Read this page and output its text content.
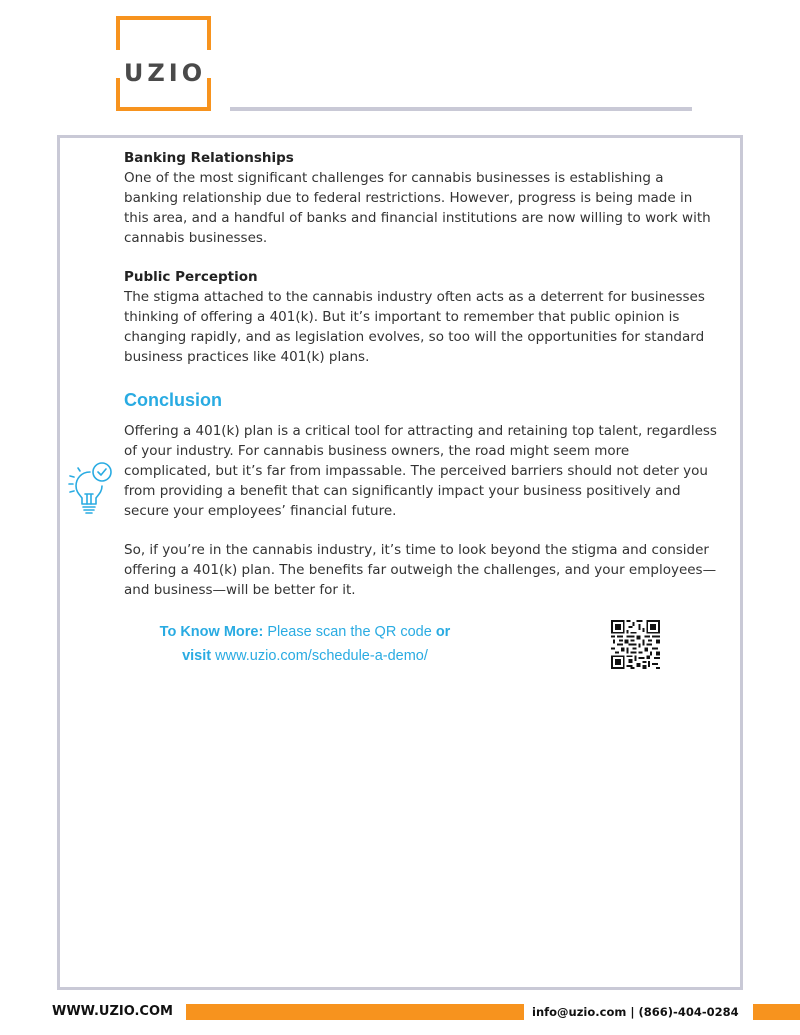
UZIO

Banking Relationships

One of the most significant challenges for cannabis businesses is establishing a

banking relationship due to federal restrictions. However, progress is being made in

this area, and a handful of banks and financial institutions are now willing to work with

cannabis businesses.

Public Perception

The stigma attached to the cannabis industry often acts as a deterrent for businesses

thinking of offering a 401(k). But it’s important to remember that public opinion is

changing rapidly, and as legislation evolves, so too will the opportunities for standard

business practices like 401(k) plans.

Conclusion

Offering a 401(k) plan is a critical tool for attracting and retaining top talent, regardless

of your industry. For cannabis business owners, the road might seem more

complicated, but it’s far from impassable. The perceived barriers should not deter you

from providing a benefit that can significantly impact your business positively and

secure your employees’ financial future.

So, if you’re in the cannabis industry, it’s time to look beyond the stigma and consider

offering a 401(k) plan. The benefits far outweigh the challenges, and your employees—

and business—will be better for it.

To Know More: Please scan the QR code or
visit www.uzio.com/schedule-a-demo/
WWW.UZIO.COM	info@uzio.com | (866)-404-0284
